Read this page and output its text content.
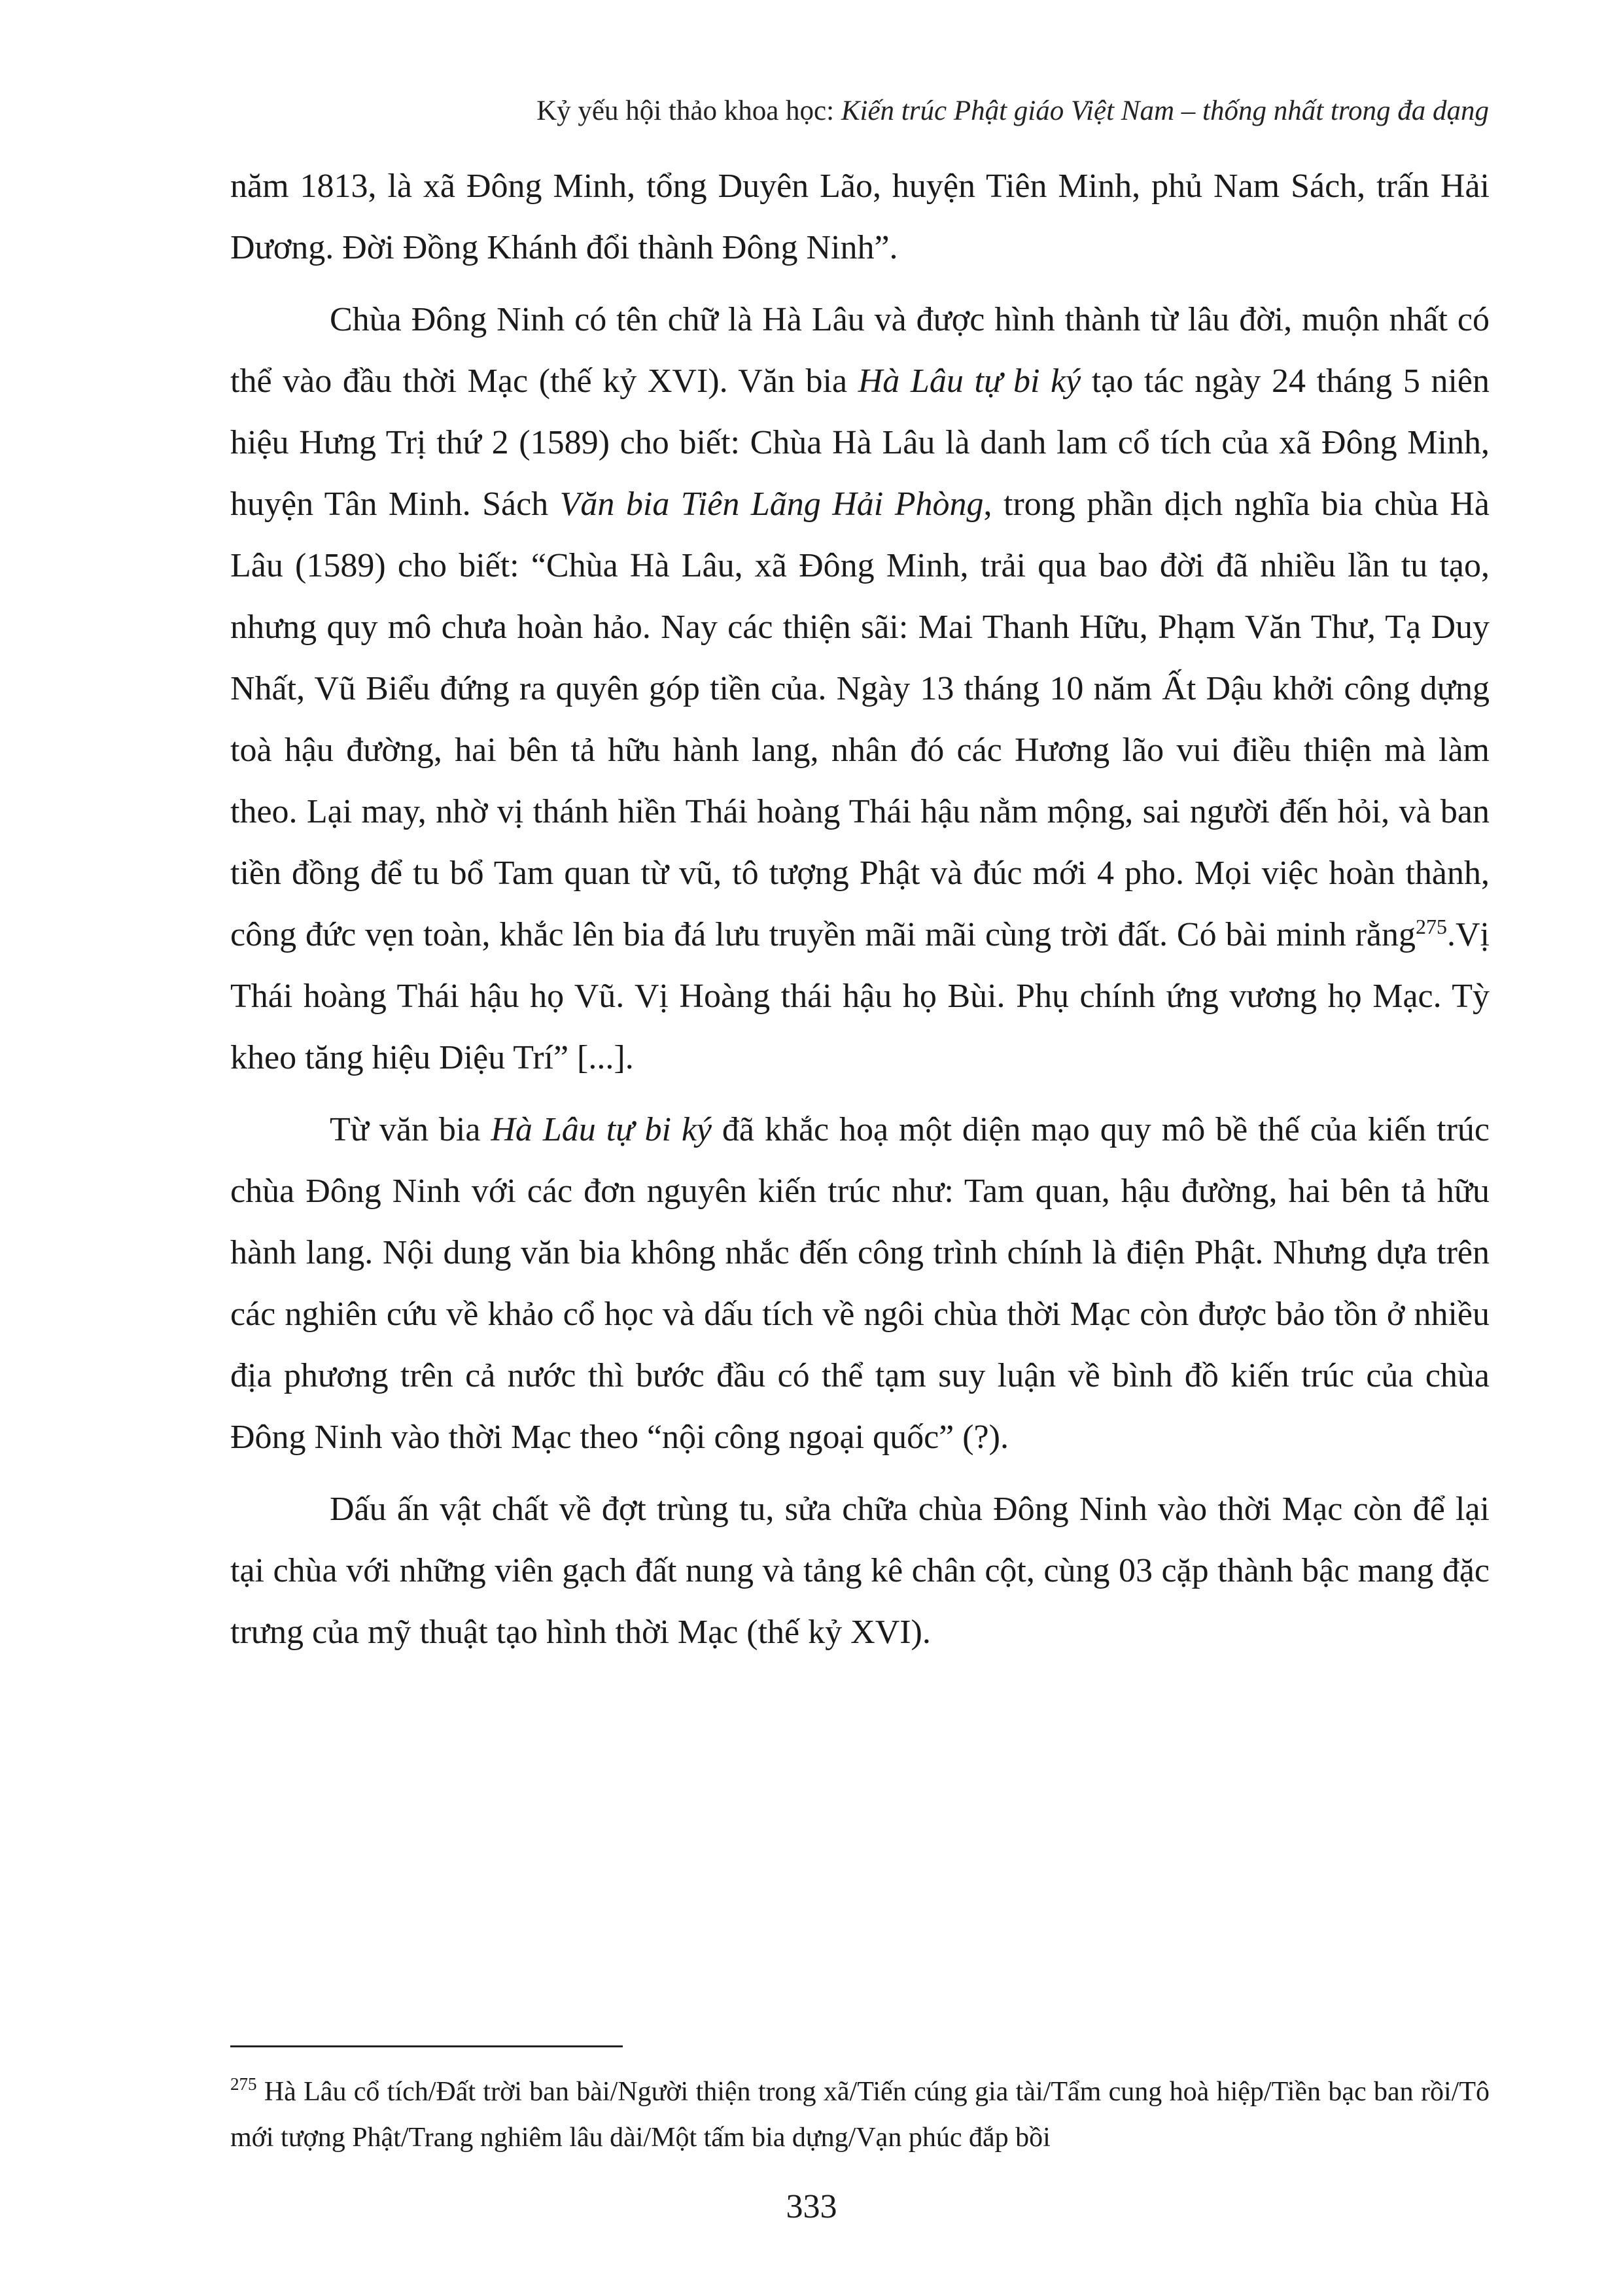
Kỷ yếu hội thảo khoa học: Kiến trúc Phật giáo Việt Nam – thống nhất trong đa dạng

năm 1813, là xã Đông Minh, tổng Duyên Lão, huyện Tiên Minh, phủ Nam Sách, trấn Hải Dương. Đời Đồng Khánh đổi thành Đông Ninh”.

Chùa Đông Ninh có tên chữ là Hà Lâu và được hình thành từ lâu đời, muộn nhất có thể vào đầu thời Mạc (thế kỷ XVI). Văn bia Hà Lâu tự bi ký tạo tác ngày 24 tháng 5 niên hiệu Hưng Trị thứ 2 (1589) cho biết: Chùa Hà Lâu là danh lam cổ tích của xã Đông Minh, huyện Tân Minh. Sách Văn bia Tiên Lãng Hải Phòng, trong phần dịch nghĩa bia chùa Hà Lâu (1589) cho biết: “Chùa Hà Lâu, xã Đông Minh, trải qua bao đời đã nhiều lần tu tạo, nhưng quy mô chưa hoàn hảo. Nay các thiện sãi: Mai Thanh Hữu, Phạm Văn Thư, Tạ Duy Nhất, Vũ Biểu đứng ra quyên góp tiền của. Ngày 13 tháng 10 năm Ất Dậu khởi công dựng toà hậu đường, hai bên tả hữu hành lang, nhân đó các Hương lão vui điều thiện mà làm theo. Lại may, nhờ vị thánh hiền Thái hoàng Thái hậu nằm mộng, sai người đến hỏi, và ban tiền đồng để tu bổ Tam quan từ vũ, tô tượng Phật và đúc mới 4 pho. Mọi việc hoàn thành, công đức vẹn toàn, khắc lên bia đá lưu truyền mãi mãi cùng trời đất. Có bài minh rằng$^{275}$.Vị Thái hoàng Thái hậu họ Vũ. Vị Hoàng thái hậu họ Bùi. Phụ chính ứng vương họ Mạc. Tỳ kheo tăng hiệu Diệu Trí” [...].

Từ văn bia Hà Lâu tự bi ký đã khắc hoạ một diện mạo quy mô bề thế của kiến trúc chùa Đông Ninh với các đơn nguyên kiến trúc như: Tam quan, hậu đường, hai bên tả hữu hành lang. Nội dung văn bia không nhắc đến công trình chính là điện Phật. Nhưng dựa trên các nghiên cứu về khảo cổ học và dấu tích về ngôi chùa thời Mạc còn được bảo tồn ở nhiều địa phương trên cả nước thì bước đầu có thể tạm suy luận về bình đồ kiến trúc của chùa Đông Ninh vào thời Mạc theo “nội công ngoại quốc” (?).

Dấu ấn vật chất về đợt trùng tu, sửa chữa chùa Đông Ninh vào thời Mạc còn để lại tại chùa với những viên gạch đất nung và tảng kê chân cột, cùng 03 cặp thành bậc mang đặc trưng của mỹ thuật tạo hình thời Mạc (thế kỷ XVI).

$^{275}$ Hà Lâu cổ tích/Đất trời ban bài/Người thiện trong xã/Tiến cúng gia tài/Tẩm cung hoà hiệp/Tiền bạc ban rồi/Tô mới tượng Phật/Trang nghiêm lâu dài/Một tấm bia dựng/Vạn phúc đắp bồi
333
